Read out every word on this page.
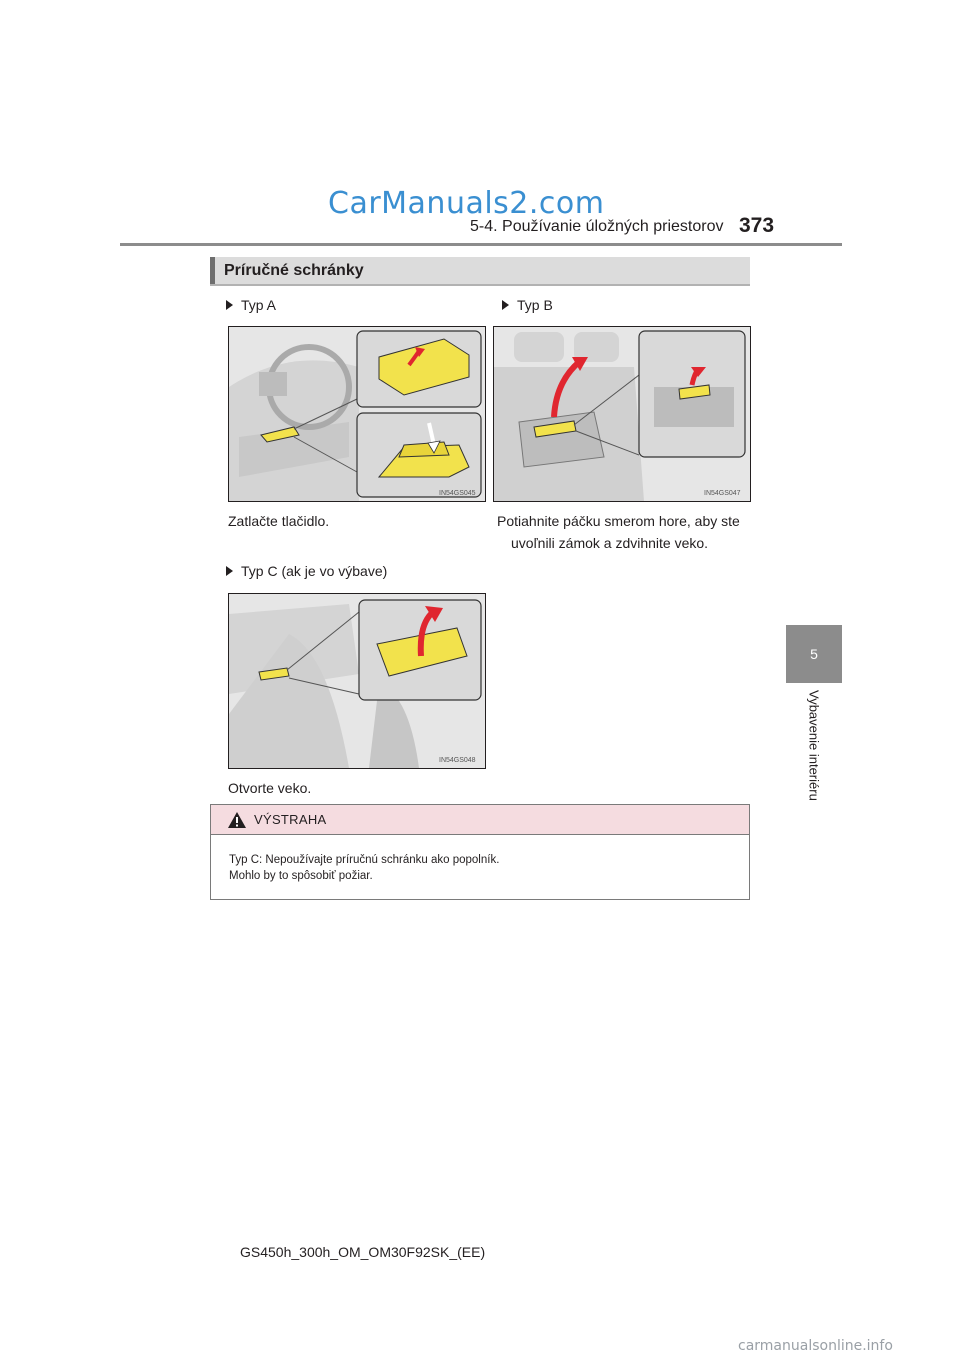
CarManuals2.com
5-4. Používanie úložných priestorov 373
5
Vybavenie interiéru
Príručné schránky
Typ A
IN54GS045
Zatlačte tlačidlo.
Typ B
IN54GS047
Potiahnite páčku smerom hore, aby ste
uvoľnili zámok a zdvihnite veko.
Typ C (ak je vo výbave)
IN54GS048
Otvorte veko.
VÝSTRAHA
Typ C: Nepoužívajte príručnú schránku ako popolník.
Mohlo by to spôsobiť požiar.
GS450h_300h_OM_OM30F92SK_(EE)
carmanualsonline.info
